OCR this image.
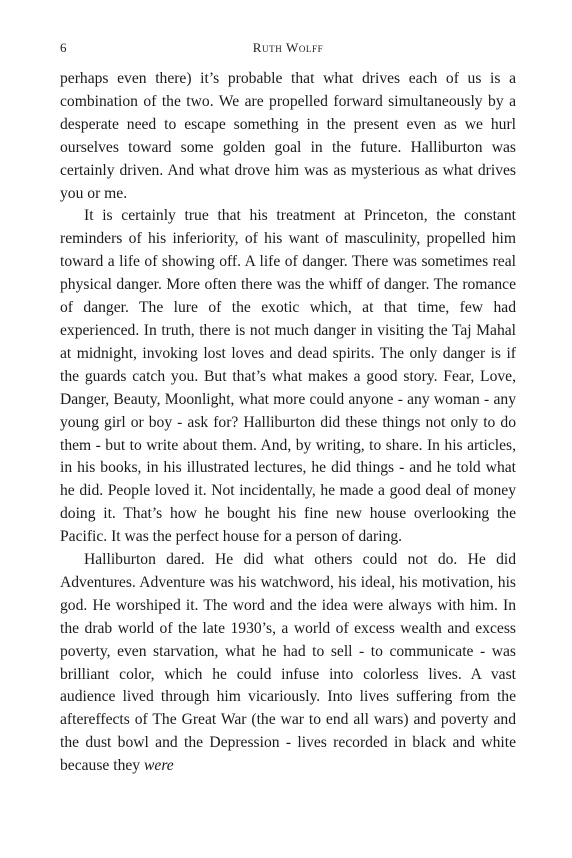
6	Ruth Wolff

perhaps even there) it’s probable that what drives each of us is a combination of the two. We are propelled forward simultaneously by a desperate need to escape something in the present even as we hurl ourselves toward some golden goal in the future. Halliburton was certainly driven. And what drove him was as mysterious as what drives you or me.

It is certainly true that his treatment at Princeton, the constant reminders of his inferiority, of his want of masculinity, propelled him toward a life of showing off. A life of danger. There was sometimes real physical danger. More often there was the whiff of danger. The romance of danger. The lure of the exotic which, at that time, few had experienced. In truth, there is not much danger in visiting the Taj Mahal at midnight, invoking lost loves and dead spirits. The only danger is if the guards catch you. But that’s what makes a good story. Fear, Love, Danger, Beauty, Moonlight, what more could anyone - any woman - any young girl or boy - ask for? Halliburton did these things not only to do them - but to write about them. And, by writing, to share. In his articles, in his books, in his illustrated lectures, he did things - and he told what he did. People loved it. Not incidentally, he made a good deal of money doing it. That’s how he bought his fine new house overlooking the Pacific. It was the perfect house for a person of daring.

Halliburton dared. He did what others could not do. He did Adventures. Adventure was his watchword, his ideal, his motivation, his god. He worshiped it. The word and the idea were always with him. In the drab world of the late 1930’s, a world of excess wealth and excess poverty, even starvation, what he had to sell - to communicate - was brilliant color, which he could infuse into colorless lives. A vast audience lived through him vicariously. Into lives suffering from the aftereffects of The Great War (the war to end all wars) and poverty and the dust bowl and the Depression - lives recorded in black and white because they were
